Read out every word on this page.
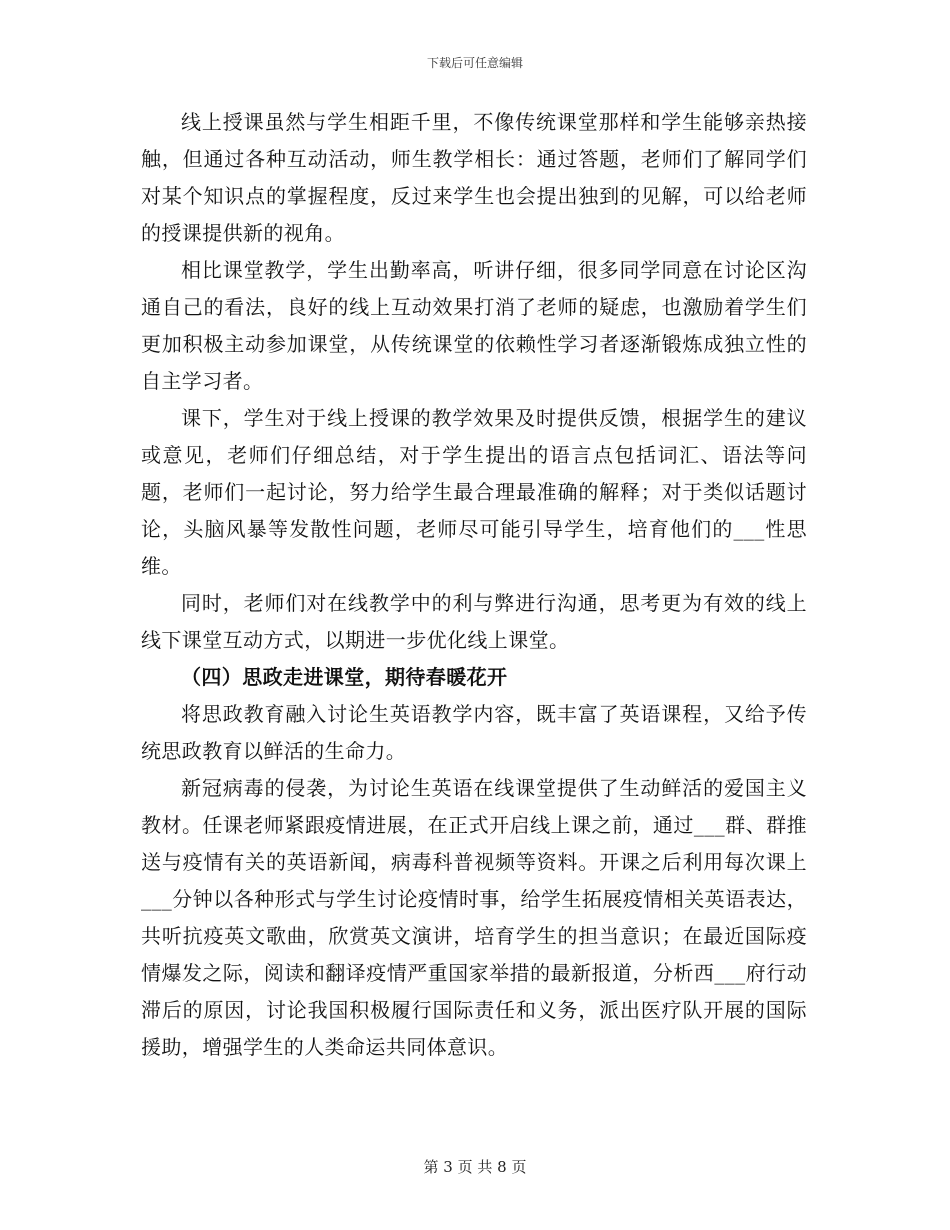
下载后可任意编辑

线上授课虽然与学生相距千里，不像传统课堂那样和学生能够亲热接触，但通过各种互动活动，师生教学相长：通过答题，老师们了解同学们对某个知识点的掌握程度，反过来学生也会提出独到的见解，可以给老师的授课提供新的视角。

相比课堂教学，学生出勤率高，听讲仔细，很多同学同意在讨论区沟通自己的看法，良好的线上互动效果打消了老师的疑虑，也激励着学生们更加积极主动参加课堂，从传统课堂的依赖性学习者逐渐锻炼成独立性的自主学习者。

课下，学生对于线上授课的教学效果及时提供反馈，根据学生的建议或意见，老师们仔细总结，对于学生提出的语言点包括词汇、语法等问题，老师们一起讨论，努力给学生最合理最准确的解释；对于类似话题讨论，头脑风暴等发散性问题，老师尽可能引导学生，培育他们的___性思维。

同时，老师们对在线教学中的利与弊进行沟通，思考更为有效的线上线下课堂互动方式，以期进一步优化线上课堂。

（四）思政走进课堂，期待春暖花开

将思政教育融入讨论生英语教学内容，既丰富了英语课程，又给予传统思政教育以鲜活的生命力。

新冠病毒的侵袭，为讨论生英语在线课堂提供了生动鲜活的爱国主义教材。任课老师紧跟疫情进展，在正式开启线上课之前，通过___群、群推送与疫情有关的英语新闻，病毒科普视频等资料。开课之后利用每次课上___分钟以各种形式与学生讨论疫情时事，给学生拓展疫情相关英语表达，共听抗疫英文歌曲，欣赏英文演讲，培育学生的担当意识；在最近国际疫情爆发之际，阅读和翻译疫情严重国家举措的最新报道，分析西___府行动滞后的原因，讨论我国积极履行国际责任和义务，派出医疗队开展的国际援助，增强学生的人类命运共同体意识。

第 3 页 共 8 页
